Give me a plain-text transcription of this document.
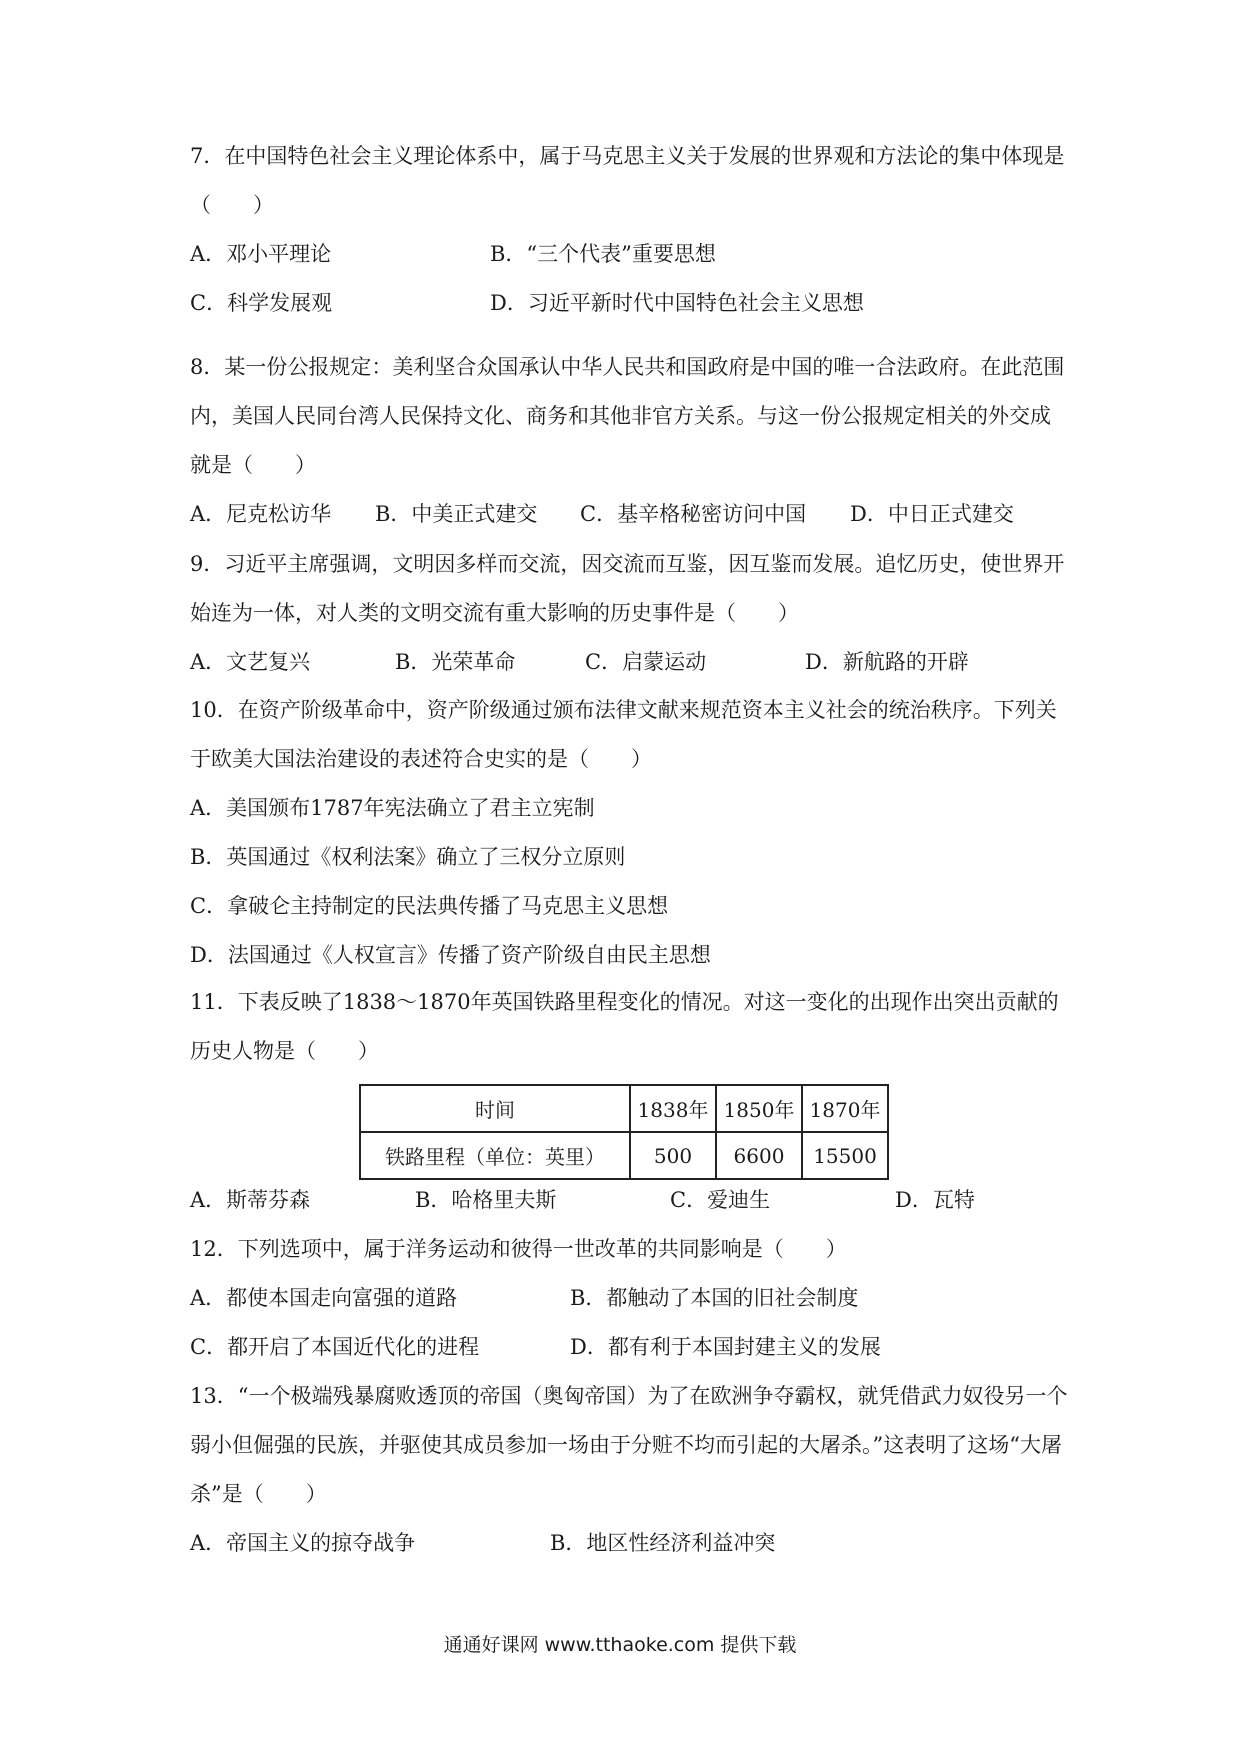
7．在中国特色社会主义理论体系中，属于马克思主义关于发展的世界观和方法论的集中体现是（　　）
A．邓小平理论	B．“三个代表”重要思想
C．科学发展观	D．习近平新时代中国特色社会主义思想
8．某一份公报规定：美利坚合众国承认中华人民共和国政府是中国的唯一合法政府。在此范围内，美国人民同台湾人民保持文化、商务和其他非官方关系。与这一份公报规定相关的外交成就是（　　）
A．尼克松访华 B．中美正式建交 C．基辛格秘密访问中国 D．中日正式建交
9．习近平主席强调，文明因多样而交流，因交流而互鉴，因互鉴而发展。追忆历史，使世界开始连为一体，对人类的文明交流有重大影响的历史事件是（　　）
A．文艺复兴	B．光荣革命	C．启蒙运动	D．新航路的开辟
10．在资产阶级革命中，资产阶级通过颁布法律文献来规范资本主义社会的统治秩序。下列关于欧美大国法治建设的表述符合史实的是（　　）
A．美国颁布1787年宪法确立了君主立宪制
B．英国通过《权利法案》确立了三权分立原则
C．拿破仑主持制定的民法典传播了马克思主义思想
D．法国通过《人权宣言》传播了资产阶级自由民主思想
11．下表反映了1838～1870年英国铁路里程变化的情况。对这一变化的出现作出突出贡献的历史人物是（　　）
时间	1838年	1850年	1870年
铁路里程（单位：英里）	500	6600	15500
A．斯蒂芬森	B．哈格里夫斯	C．爱迪生	D．瓦特
12．下列选项中，属于洋务运动和彼得一世改革的共同影响是（　　）
A．都使本国走向富强的道路	B．都触动了本国的旧社会制度
C．都开启了本国近代化的进程	D．都有利于本国封建主义的发展
13．“一个极端残暴腐败透顶的帝国（奥匈帝国）为了在欧洲争夺霸权，就凭借武力奴役另一个弱小但倔强的民族，并驱使其成员参加一场由于分赃不均而引起的大屠杀。”这表明了这场“大屠杀”是（　　）
A．帝国主义的掠夺战争	B．地区性经济利益冲突
通通好课网 www.tthaoke.com 提供下载
